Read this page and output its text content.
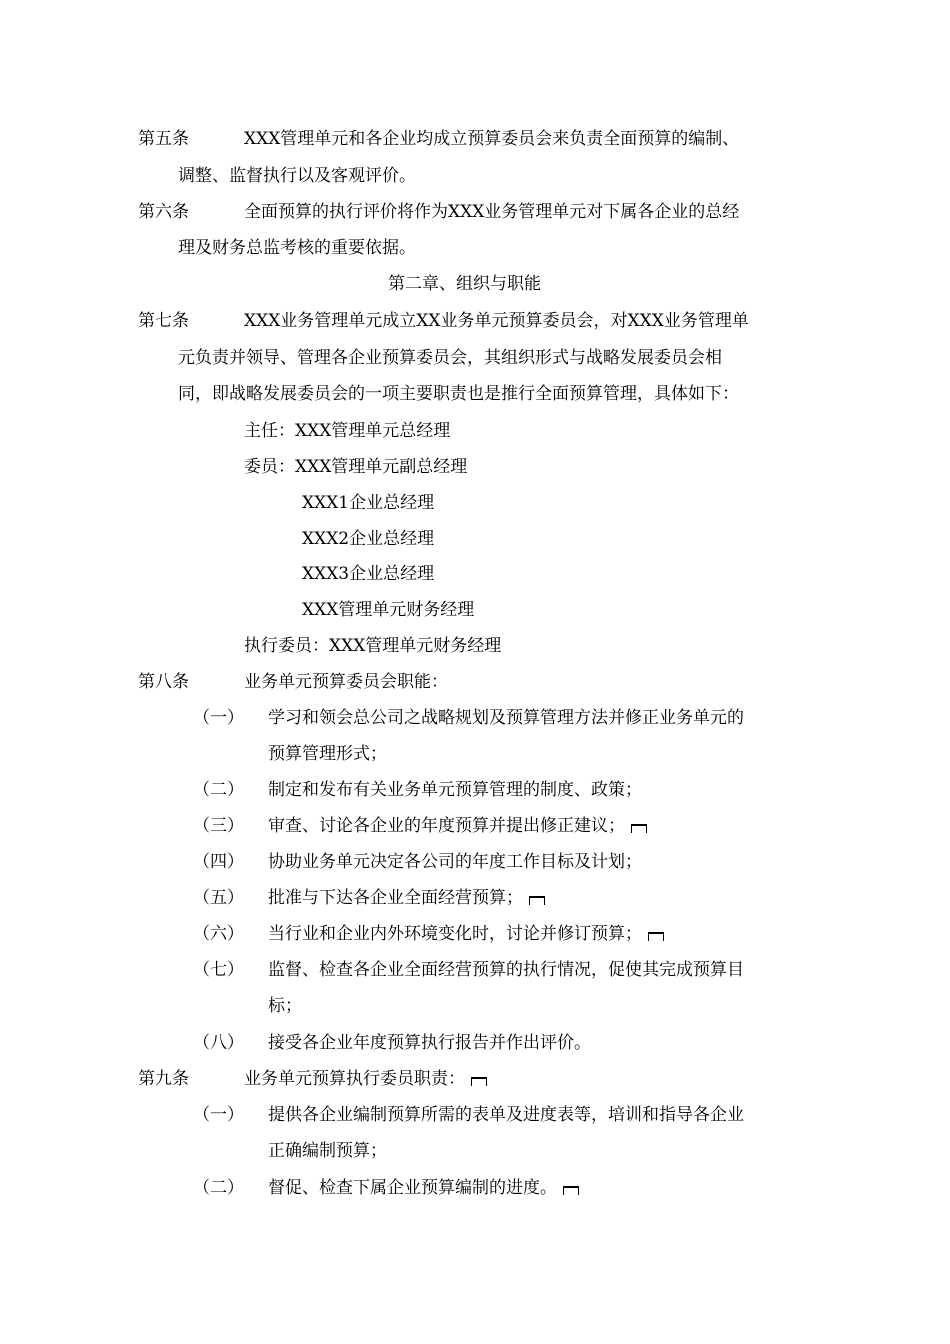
第五条	XXX管理单元和各企业均成立预算委员会来负责全面预算的编制、
调整、监督执行以及客观评价。
第六条	全面预算的执行评价将作为XXX业务管理单元对下属各企业的总经
理及财务总监考核的重要依据。
第二章、组织与职能
第七条	XXX业务管理单元成立XX业务单元预算委员会，对XXX业务管理单
元负责并领导、管理各企业预算委员会，其组织形式与战略发展委员会相
同，即战略发展委员会的一项主要职责也是推行全面预算管理，具体如下：
主任：XXX管理单元总经理
委员：XXX管理单元副总经理
XXX1企业总经理
XXX2企业总经理
XXX3企业总经理
XXX管理单元财务经理
执行委员：XXX管理单元财务经理
第八条	业务单元预算委员会职能：
（一） 学习和领会总公司之战略规划及预算管理方法并修正业务单元的
预算管理形式；
（二） 制定和发布有关业务单元预算管理的制度、政策；
（三） 审查、讨论各企业的年度预算并提出修正建议；
（四） 协助业务单元决定各公司的年度工作目标及计划；
（五） 批准与下达各企业全面经营预算；
（六） 当行业和企业内外环境变化时，讨论并修订预算；
（七） 监督、检查各企业全面经营预算的执行情况，促使其完成预算目
标；
（八） 接受各企业年度预算执行报告并作出评价。
第九条	业务单元预算执行委员职责：
（一） 提供各企业编制预算所需的表单及进度表等，培训和指导各企业
正确编制预算；
（二） 督促、检查下属企业预算编制的进度。
